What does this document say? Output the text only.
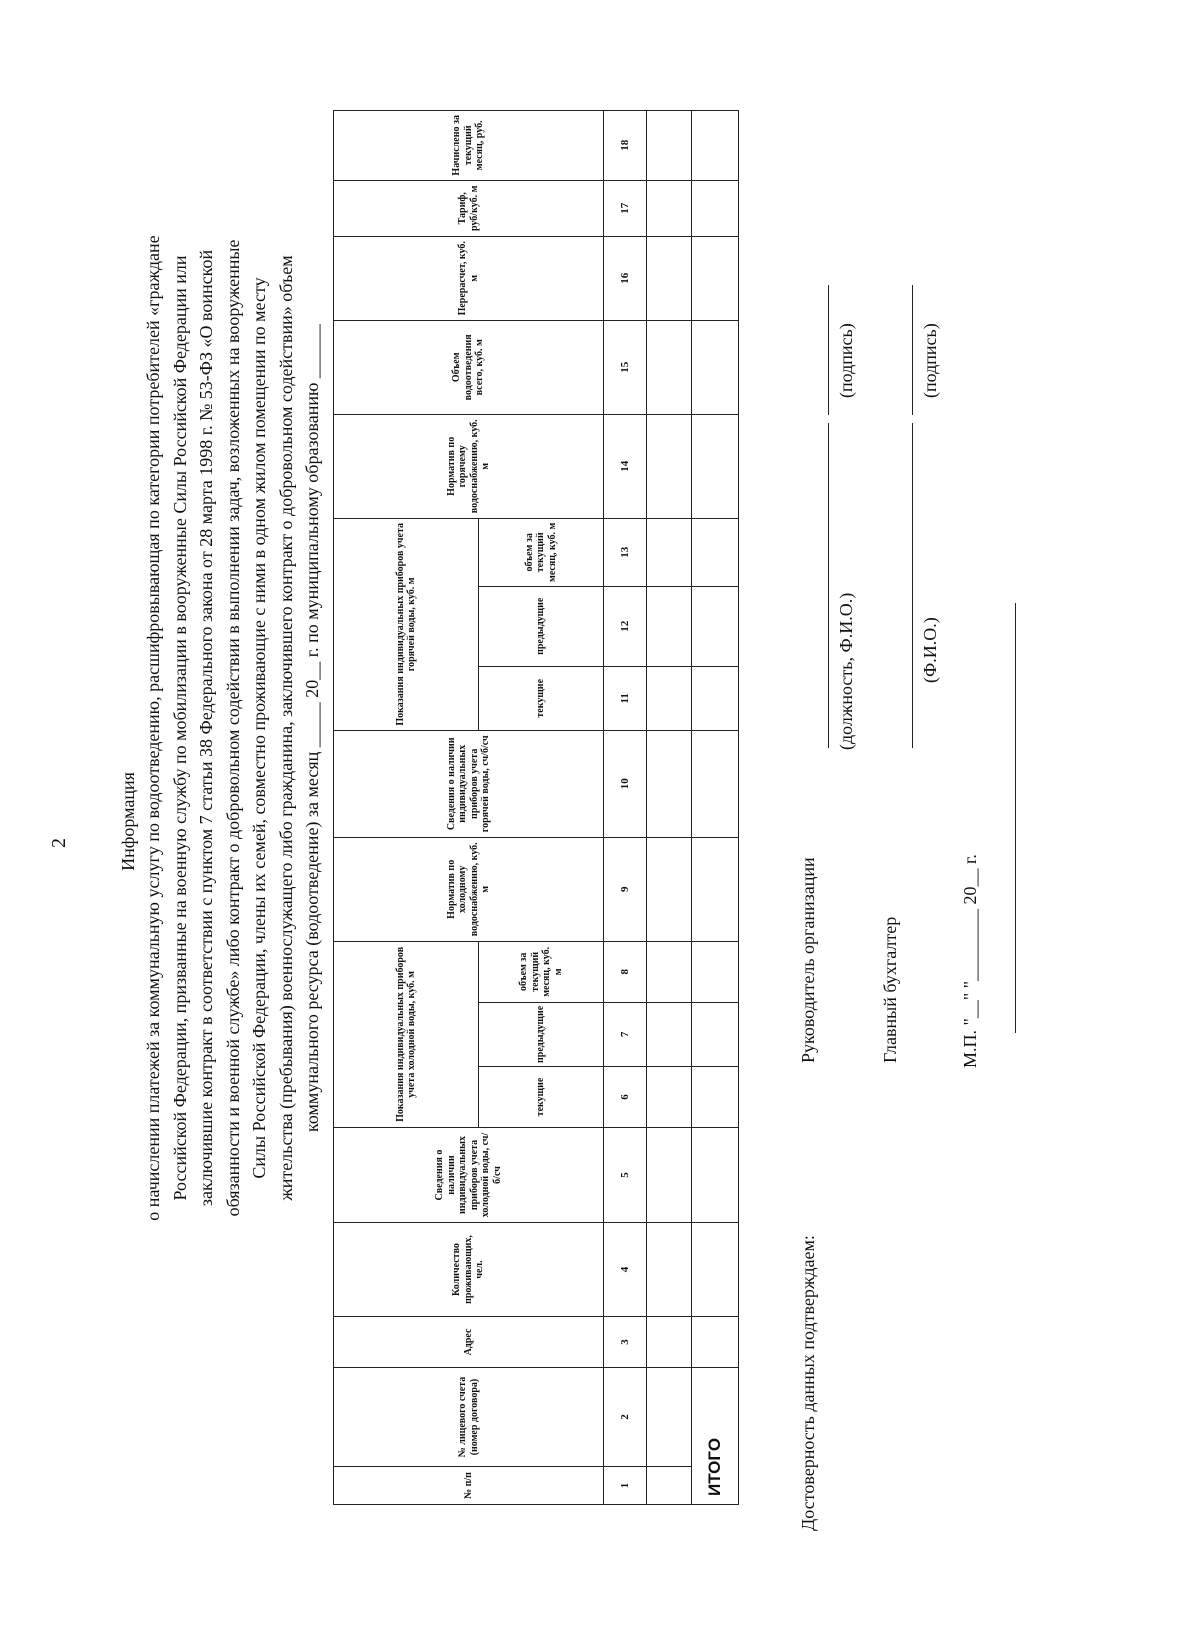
2	Информация о начислении платежей за коммунальную услугу по водоотведению, расшифровывающая по категории потребителей «граждане Российской Федерации, призванные на военную службу по мобилизации в вооруженные Силы Российской Федерации или заключившие контракт в соответствии с пунктом 7 статьи 38 Федерального закона от 28 марта 1998 г. № 53-ФЗ «О воинской обязанности и военной службе» либо контракт о добровольном содействии в выполнении задач, возложенных на вооруженные Силы Российской Федерации, члены их семей, совместно проживающие с ними в одном жилом помещении по месту жительства (пребывания) военнослужащего либо гражданина, заключившего контракт о добровольном содействии» объем коммунального ресурса (водоотведение) за месяц _____ 20__ г. по муниципальному образованию ______
№ п/п	№ лицевого счета (номер договора)	Адрес	Количество проживающих, чел.	Сведения о наличии индивидуальных приборов учета холодной воды, сч/б/сч	Показания индивидуальных приборов учета холодной воды, куб. м			Норматив по холодному водоснабжению, куб. м	Сведения о наличии индивидуальных приборов учета горячей воды, сч/б/сч	Показания индивидуальных приборов учета горячей воды, куб. м			Норматив по горячему водоснабжению, куб. м	Объем водоотведения всего, куб. м	Перерасчет, куб. м	Тариф, руб/куб. м	Начислено за текущий месяц, руб.
					текущие	предыдущие	объем за текущий месяц, куб. м			текущие	предыдущие	объем за текущий месяц, куб. м					
1	2	3	4	5	6	7	8	9	10	11	12	13	14	15	16	17	18

ИТОГО																		Достоверность данных подтверждаем:
Руководитель организации
(должность, Ф.И.О.)
(подпись)
Главный бухгалтер
(Ф.И.О.)
(подпись)
М.П. "__" "________ 20__ г.
